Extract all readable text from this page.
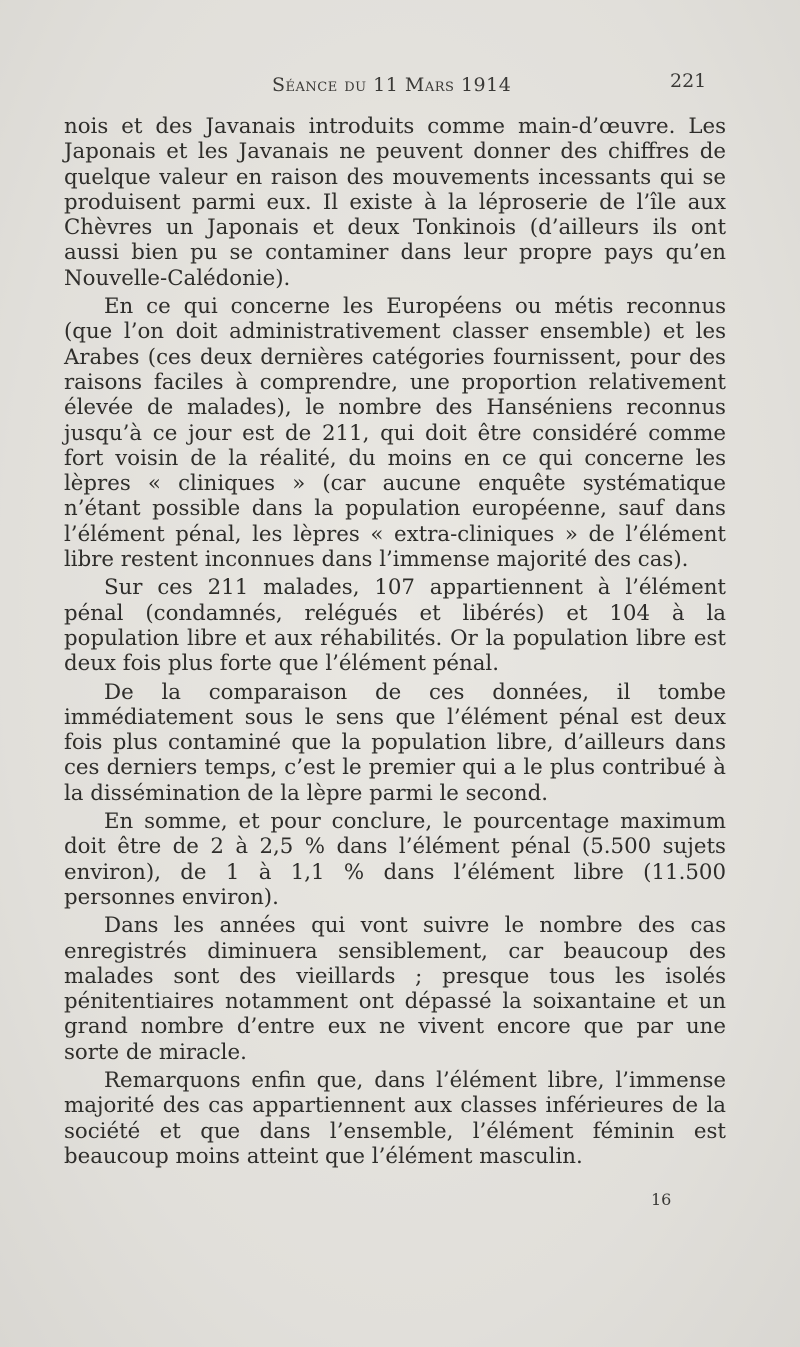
Séance du 11 Mars 1914	221

nois et des Javanais introduits comme main-d’œuvre. Les Japonais et les Javanais ne peuvent donner des chiffres de quelque valeur en raison des mouvements incessants qui se produisent parmi eux. Il existe à la léproserie de l’île aux Chèvres un Japonais et deux Tonkinois (d’ailleurs ils ont aussi bien pu se contaminer dans leur propre pays qu’en Nouvelle-Calédonie).

En ce qui concerne les Européens ou métis reconnus (que l’on doit administrativement classer ensemble) et les Arabes (ces deux dernières catégories fournissent, pour des raisons faciles à comprendre, une proportion relativement élevée de malades), le nombre des Hanséniens reconnus jusqu’à ce jour est de 211, qui doit être considéré comme fort voisin de la réalité, du moins en ce qui concerne les lèpres « cliniques » (car aucune enquête systématique n’étant possible dans la population européenne, sauf dans l’élément pénal, les lèpres « extra-cliniques » de l’élément libre restent inconnues dans l’immense majorité des cas).

Sur ces 211 malades, 107 appartiennent à l’élément pénal (condamnés, relégués et libérés) et 104 à la population libre et aux réhabilités. Or la population libre est deux fois plus forte que l’élément pénal.

De la comparaison de ces données, il tombe immédiatement sous le sens que l’élément pénal est deux fois plus contaminé que la population libre, d’ailleurs dans ces derniers temps, c’est le premier qui a le plus contribué à la dissémination de la lèpre parmi le second.

En somme, et pour conclure, le pourcentage maximum doit être de 2 à 2,5 % dans l’élément pénal (5.500 sujets environ), de 1 à 1,1 % dans l’élément libre (11.500 personnes environ).

Dans les années qui vont suivre le nombre des cas enregistrés diminuera sensiblement, car beaucoup des malades sont des vieillards ; presque tous les isolés pénitentiaires notamment ont dépassé la soixantaine et un grand nombre d’entre eux ne vivent encore que par une sorte de miracle.

Remarquons enfin que, dans l’élément libre, l’immense majorité des cas appartiennent aux classes inférieures de la société et que dans l’ensemble, l’élément féminin est beaucoup moins atteint que l’élément masculin.

16
